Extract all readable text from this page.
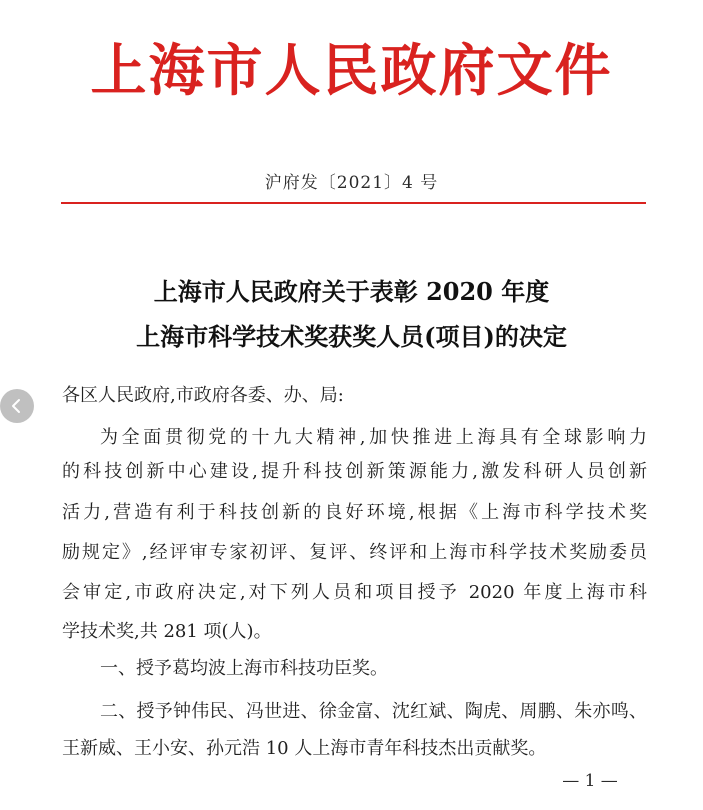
上海市人民政府文件
沪府发〔2021〕4 号
上海市人民政府关于表彰 2020 年度
上海市科学技术奖获奖人员(项目)的决定
各区人民政府,市政府各委、办、局:
为全面贯彻党的十九大精神,加快推进上海具有全球影响力
的科技创新中心建设,提升科技创新策源能力,激发科研人员创新
活力,营造有利于科技创新的良好环境,根据《上海市科学技术奖
励规定》,经评审专家初评、复评、终评和上海市科学技术奖励委员
会审定,市政府决定,对下列人员和项目授予 2020 年度上海市科
学技术奖,共 281 项(人)。
一、授予葛均波上海市科技功臣奖。
二、授予钟伟民、冯世进、徐金富、沈红斌、陶虎、周鹏、朱亦鸣、
王新威、王小安、孙元浩 10 人上海市青年科技杰出贡献奖。
— 1 —
